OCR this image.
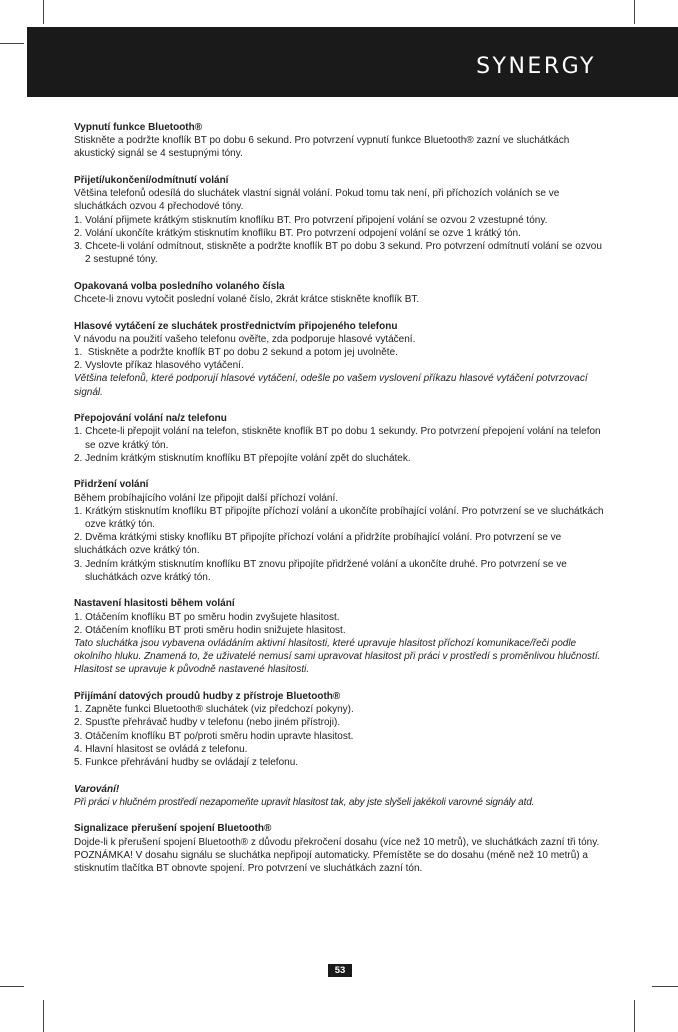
SYNERGY
Vypnutí funkce Bluetooth®
Stiskněte a podržte knoflík BT po dobu 6 sekund. Pro potvrzení vypnutí funkce Bluetooth® zazní ve sluchátkách akustický signál se 4 sestupnými tóny.
Přijetí/ukončení/odmítnutí volání
Většina telefonů odesílá do sluchátek vlastní signál volání. Pokud tomu tak není, při příchozích voláních se ve sluchátkách ozvou 4 přechodové tóny.
1. Volání přijmete krátkým stisknutím knoflíku BT. Pro potvrzení připojení volání se ozvou 2 vzestupné tóny.
2. Volání ukončíte krátkým stisknutím knoflíku BT. Pro potvrzení odpojení volání se ozve 1 krátký tón.
3. Chcete-li volání odmítnout, stiskněte a podržte knoflík BT po dobu 3 sekund. Pro potvrzení odmítnutí volání se ozvou 2 sestupné tóny.
Opakovaná volba posledního volaného čísla
Chcete-li znovu vytočit poslední volané číslo, 2krát krátce stiskněte knoflík BT.
Hlasové vytáčení ze sluchátek prostřednictvím připojeného telefonu
V návodu na použití vašeho telefonu ověřte, zda podporuje hlasové vytáčení.
1.  Stiskněte a podržte knoflík BT po dobu 2 sekund a potom jej uvolněte.
2. Vyslovte příkaz hlasového vytáčení.
Většina telefonů, které podporují hlasové vytáčení, odešle po vašem vyslovení příkazu hlasové vytáčení potvrzovací signál.
Přepojování volání na/z telefonu
1. Chcete-li přepojit volání na telefon, stiskněte knoflík BT po dobu 1 sekundy. Pro potvrzení přepojení volání na telefon se ozve krátký tón.
2. Jedním krátkým stisknutím knoflíku BT přepojíte volání zpět do sluchátek.
Přidržení volání
Během probíhajícího volání lze připojit další příchozí volání.
1. Krátkým stisknutím knoflíku BT připojíte příchozí volání a ukončíte probíhající volání. Pro potvrzení se ve sluchátkách ozve krátký tón.
2. Dvěma krátkými stisky knoflíku BT připojíte příchozí volání a přidržíte probíhající volání. Pro potvrzení se ve sluchátkách ozve krátký tón.
3. Jedním krátkým stisknutím knoflíku BT znovu připojíte přidržené volání a ukončíte druhé. Pro potvrzení se ve sluchátkách ozve krátký tón.
Nastavení hlasitosti během volání
1. Otáčením knoflíku BT po směru hodin zvyšujete hlasitost.
2. Otáčením knoflíku BT proti směru hodin snižujete hlasitost.
Tato sluchátka jsou vybavena ovládáním aktivní hlasitosti, které upravuje hlasitost příchozí komunikace/řeči podle okolního hluku. Znamená to, že uživatelé nemusí sami upravovat hlasitost při práci v prostředí s proměnlivou hlučností. Hlasitost se upravuje k původně nastavené hlasitosti.
Přijímání datových proudů hudby z přístroje Bluetooth®
1. Zapněte funkci Bluetooth® sluchátek (viz předchozí pokyny).
2. Spusťte přehrávač hudby v telefonu (nebo jiném přístroji).
3. Otáčením knoflíku BT po/proti směru hodin upravte hlasitost.
4. Hlavní hlasitost se ovládá z telefonu.
5. Funkce přehrávání hudby se ovládají z telefonu.
Varování!
Při práci v hlučném prostředí nezapomeňte upravit hlasitost tak, aby jste slyšeli jakékoli varovné signály atd.
Signalizace přerušení spojení Bluetooth®
Dojde-li k přerušení spojení Bluetooth® z důvodu překročení dosahu (více než 10 metrů), ve sluchátkách zazní tři tóny.
POZNÁMKA! V dosahu signálu se sluchátka nepřipojí automaticky. Přemístěte se do dosahu (méně než 10 metrů) a stisknutím tlačítka BT obnovte spojení. Pro potvrzení ve sluchátkách zazní tón.
53
